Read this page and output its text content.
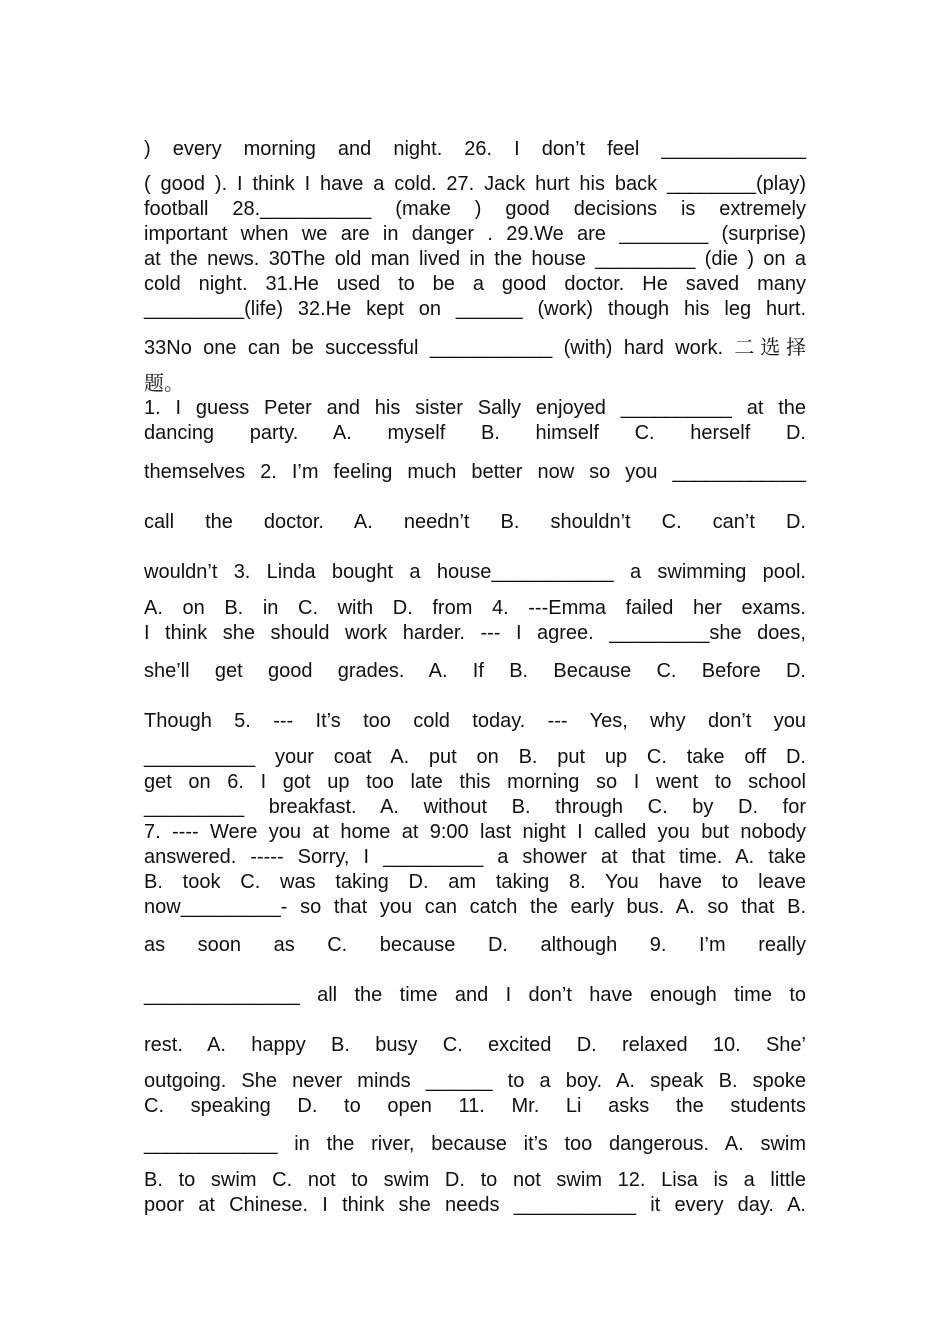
) every morning and night. 26. I don’t feel _____________
( good ). I think I have a cold. 27. Jack hurt his back ________(play)
football 28.__________ (make ) good decisions is extremely
important when we are in danger . 29.We are ________ (surprise)
at the news. 30The old man lived in the house _________ (die ) on a
cold night. 31.He used to be a good doctor. He saved many
_________(life) 32.He kept on ______ (work) though his leg hurt.
33No one can be successful ___________ (with) hard work. 二选择
题。
1. I guess Peter and his sister Sally enjoyed __________ at the
dancing party. A. myself B. himself C. herself D.
themselves 2. I’m feeling much better now so you ____________
call the doctor. A. needn’t B. shouldn’t C. can’t D.
wouldn’t 3. Linda bought a house___________ a swimming pool.
A. on B. in C. with D. from 4. ---Emma failed her exams.
I think she should work harder. --- I agree. _________she does,
she’ll get good grades. A. If B. Because C. Before D.
Though 5. --- It’s too cold today. --- Yes, why don’t you
__________ your coat A. put on B. put up C. take off D.
get on 6. I got up too late this morning so I went to school
_________ breakfast. A. without B. through C. by D. for
7. ---- Were you at home at 9:00 last night I called you but nobody
answered. ----- Sorry, I _________ a shower at that time. A. take
B. took C. was taking D. am taking 8. You have to leave
now_________- so that you can catch the early bus. A. so that B.
as soon as C. because D. although 9. I’m really
______________ all the time and I don’t have enough time to
rest. A. happy B. busy C. excited D. relaxed 10. She’
outgoing. She never minds ______ to a boy. A. speak B. spoke
C. speaking D. to open 11. Mr. Li asks the students
____________ in the river, because it’s too dangerous. A. swim
B. to swim C. not to swim D. to not swim 12. Lisa is a little
poor at Chinese. I think she needs ___________ it every day. A.
